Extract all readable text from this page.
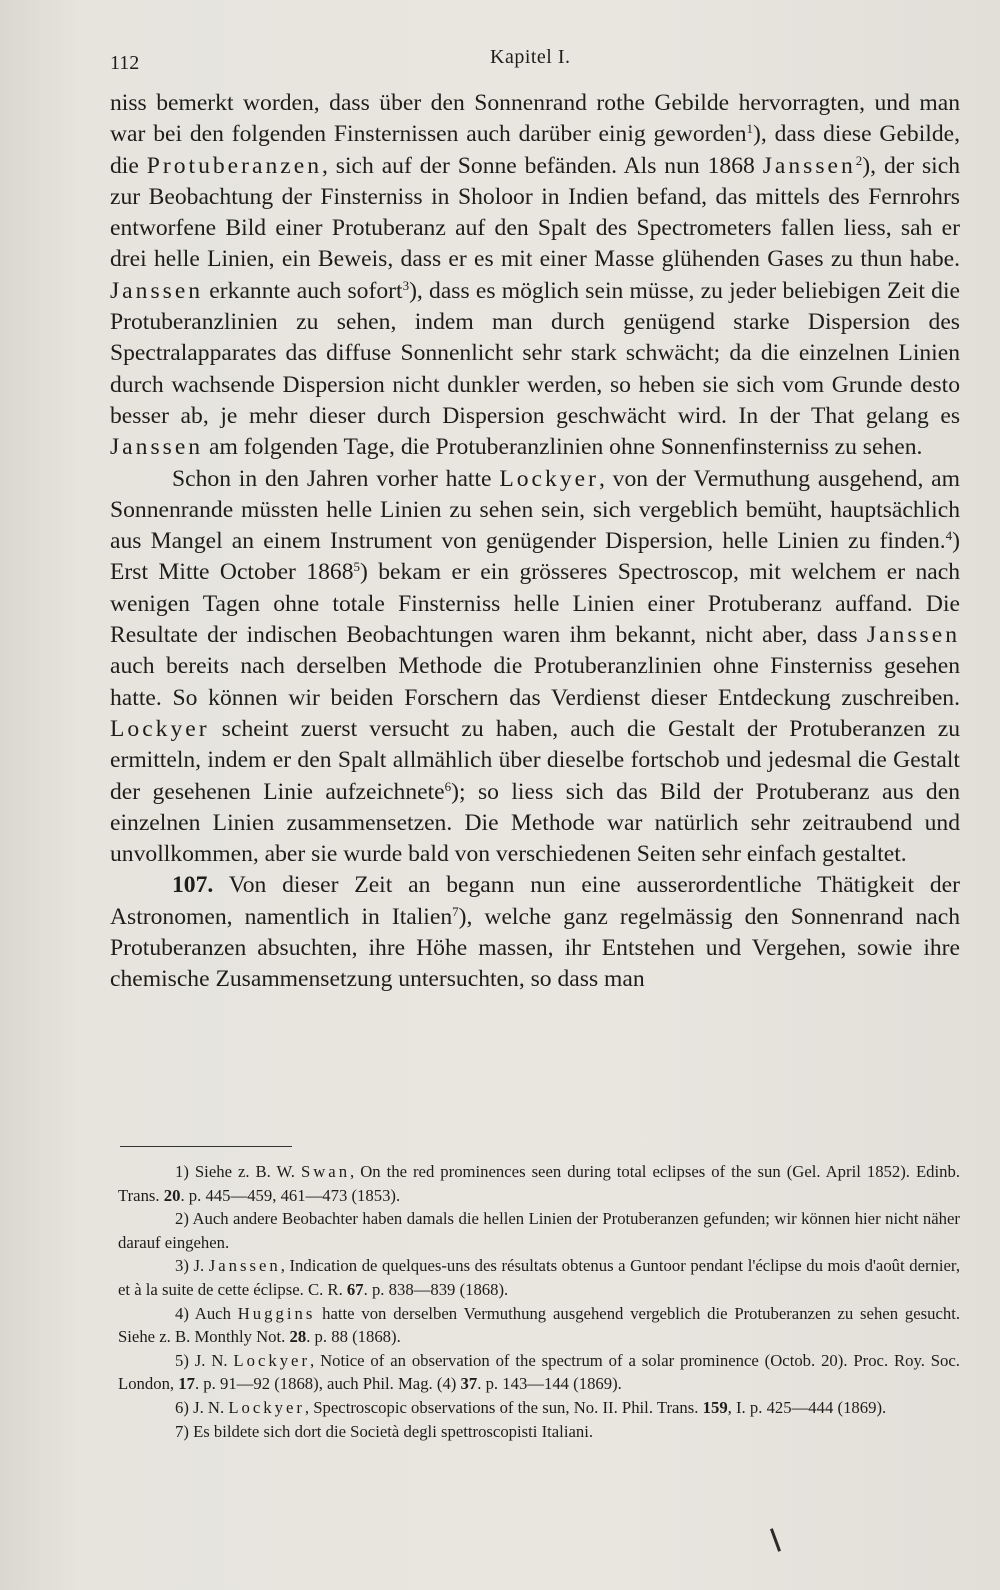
112	Kapitel I.

niss bemerkt worden, dass über den Sonnenrand rothe Gebilde hervorragten, und man war bei den folgenden Finsternissen auch darüber einig geworden$^1$), dass diese Gebilde, die Protuberanzen, sich auf der Sonne befänden. Als nun 1868 Janssen$^2$), der sich zur Beobachtung der Finsterniss in Sholoor in Indien befand, das mittels des Fernrohrs entworfene Bild einer Protuberanz auf den Spalt des Spectrometers fallen liess, sah er drei helle Linien, ein Beweis, dass er es mit einer Masse glühenden Gases zu thun habe. Janssen erkannte auch sofort$^3$), dass es möglich sein müsse, zu jeder beliebigen Zeit die Protuberanzlinien zu sehen, indem man durch genügend starke Dispersion des Spectralapparates das diffuse Sonnenlicht sehr stark schwächt; da die einzelnen Linien durch wachsende Dispersion nicht dunkler werden, so heben sie sich vom Grunde desto besser ab, je mehr dieser durch Dispersion geschwächt wird. In der That gelang es Janssen am folgenden Tage, die Protuberanzlinien ohne Sonnenfinsterniss zu sehen.

Schon in den Jahren vorher hatte Lockyer, von der Vermuthung ausgehend, am Sonnenrande müssten helle Linien zu sehen sein, sich vergeblich bemüht, hauptsächlich aus Mangel an einem Instrument von genügender Dispersion, helle Linien zu finden.$^4$) Erst Mitte October 1868$^5$) bekam er ein grösseres Spectroscop, mit welchem er nach wenigen Tagen ohne totale Finsterniss helle Linien einer Protuberanz auffand. Die Resultate der indischen Beobachtungen waren ihm bekannt, nicht aber, dass Janssen auch bereits nach derselben Methode die Protuberanzlinien ohne Finsterniss gesehen hatte. So können wir beiden Forschern das Verdienst dieser Entdeckung zuschreiben. Lockyer scheint zuerst versucht zu haben, auch die Gestalt der Protuberanzen zu ermitteln, indem er den Spalt allmählich über dieselbe fortschob und jedesmal die Gestalt der gesehenen Linie aufzeichnete$^6$); so liess sich das Bild der Protuberanz aus den einzelnen Linien zusammensetzen. Die Methode war natürlich sehr zeitraubend und unvollkommen, aber sie wurde bald von verschiedenen Seiten sehr einfach gestaltet.

107. Von dieser Zeit an begann nun eine ausserordentliche Thätigkeit der Astronomen, namentlich in Italien$^7$), welche ganz regelmässig den Sonnenrand nach Protuberanzen absuchten, ihre Höhe massen, ihr Entstehen und Vergehen, sowie ihre chemische Zusammensetzung untersuchten, so dass man

1) Siehe z. B. W. Swan, On the red prominences seen during total eclipses of the sun (Gel. April 1852). Edinb. Trans. 20. p. 445—459, 461—473 (1853).

2) Auch andere Beobachter haben damals die hellen Linien der Protuberanzen gefunden; wir können hier nicht näher darauf eingehen.

3) J. Janssen, Indication de quelques-uns des résultats obtenus a Guntoor pendant l'éclipse du mois d'août dernier, et à la suite de cette éclipse. C. R. 67. p. 838—839 (1868).

4) Auch Huggins hatte von derselben Vermuthung ausgehend vergeblich die Protuberanzen zu sehen gesucht. Siehe z. B. Monthly Not. 28. p. 88 (1868).

5) J. N. Lockyer, Notice of an observation of the spectrum of a solar prominence (Octob. 20). Proc. Roy. Soc. London, 17. p. 91—92 (1868), auch Phil. Mag. (4) 37. p. 143—144 (1869).

6) J. N. Lockyer, Spectroscopic observations of the sun, No. II. Phil. Trans. 159, I. p. 425—444 (1869).

7) Es bildete sich dort die Società degli spettroscopisti Italiani.
